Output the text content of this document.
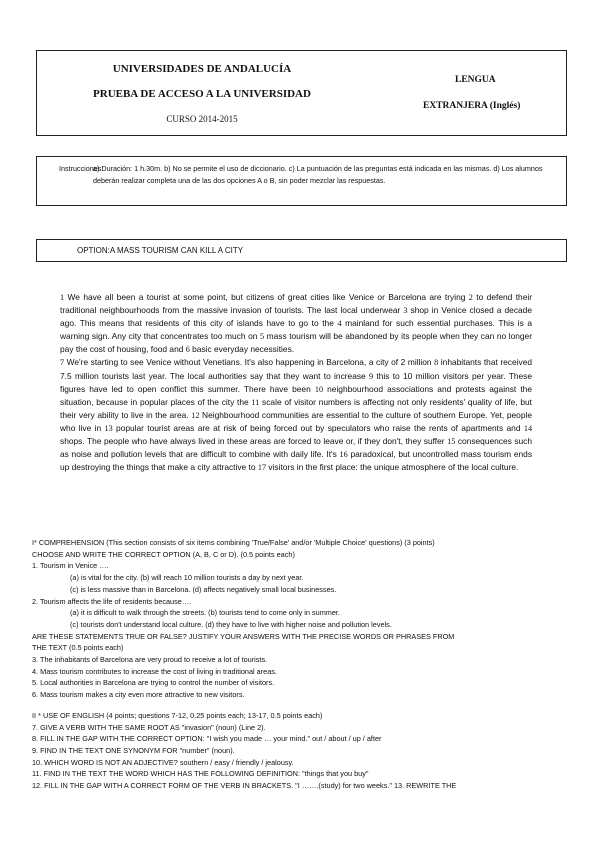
UNIVERSIDADES DE ANDALUCÍA
PRUEBA DE ACCESO A LA UNIVERSIDAD
CURSO 2014-2015
LENGUA
EXTRANJERA (Inglés)
Instrucciones:
a) Duración: 1 h.30m. b) No se permite el uso de diccionario. c) La puntuación de las preguntas está indicada en las mismas. d) Los alumnos deberán realizar completa una de las dos opciones A o B, sin poder mezclar las respuestas.
OPTION:A MASS TOURISM CAN KILL A CITY

1 We have all been a tourist at some point, but citizens of great cities like Venice or Barcelona are trying 2 to defend their traditional neighbourhoods from the massive invasion of tourists. The last local underwear 3 shop in Venice closed a decade ago. This means that residents of this city of islands have to go to the 4 mainland for such essential purchases. This is a warning sign. Any city that concentrates too much on 5 mass tourism will be abandoned by its people when they can no longer pay the cost of housing, food and 6 basic everyday necessities.

7 We're starting to see Venice without Venetians. It's also happening in Barcelona, a city of 2 million 8 inhabitants that received 7.5 million tourists last year. The local authorities say that they want to increase 9 this to 10 million visitors per year. These figures have led to open conflict this summer. There have been 10 neighbourhood associations and protests against the situation, because in popular places of the city the 11 scale of visitor numbers is affecting not only residents' quality of life, but their very ability to live in the area. 12 Neighbourhood communities are essential to the culture of southern Europe. Yet, people who live in 13 popular tourist areas are at risk of being forced out by speculators who raise the rents of apartments and 14 shops. The people who have always lived in these areas are forced to leave or, if they don't, they suffer 15 consequences such as noise and pollution levels that are difficult to combine with daily life. It's 16 paradoxical, but uncontrolled mass tourism ends up destroying the things that make a city attractive to 17 visitors in the first place: the unique atmosphere of the local culture.

I* COMPREHENSION (This section consists of six items combining 'True/False' and/or 'Multiple Choice' questions) (3 points)
CHOOSE AND WRITE THE CORRECT OPTION (A, B, C or D). (0.5 points each)
1. Tourism in Venice ….
(a) is vital for the city. (b) will reach 10 million tourists a day by next year.
(c) is less massive than in Barcelona. (d) affects negatively small local businesses.
2. Tourism affects the life of residents because….
(a) it is difficult to walk through the streets. (b) tourists tend to come only in summer.
(c) tourists don't understand local culture. (d) they have to live with higher noise and pollution levels.
ARE THESE STATEMENTS TRUE OR FALSE? JUSTIFY YOUR ANSWERS WITH THE PRECISE WORDS OR PHRASES FROM
THE TEXT (0.5 points each)
3. The inhabitants of Barcelona are very proud to receive a lot of tourists.
4. Mass tourism contributes to increase the cost of living in traditional areas.
5. Local authorities in Barcelona are trying to control the number of visitors.
6. Mass tourism makes a city even more attractive to new visitors.
II * USE OF ENGLISH (4 points; questions 7-12, 0.25 points each; 13-17, 0.5 points each)
7. GIVE A VERB WITH THE SAME ROOT AS "invasion" (noun) (Line 2).
8. FILL IN THE GAP WITH THE CORRECT OPTION: "I wish you made … your mind." out / about / up / after
9. FIND IN THE TEXT ONE SYNONYM FOR "number" (noun).
10. WHICH WORD IS NOT AN ADJECTIVE? southern / easy / friendly / jealousy.
11. FIND IN THE TEXT THE WORD WHICH HAS THE FOLLOWING DEFINITION: "things that you buy"
12. FILL IN THE GAP WITH A CORRECT FORM OF THE VERB IN BRACKETS. "I …….(study) for two weeks." 13. REWRITE THE
